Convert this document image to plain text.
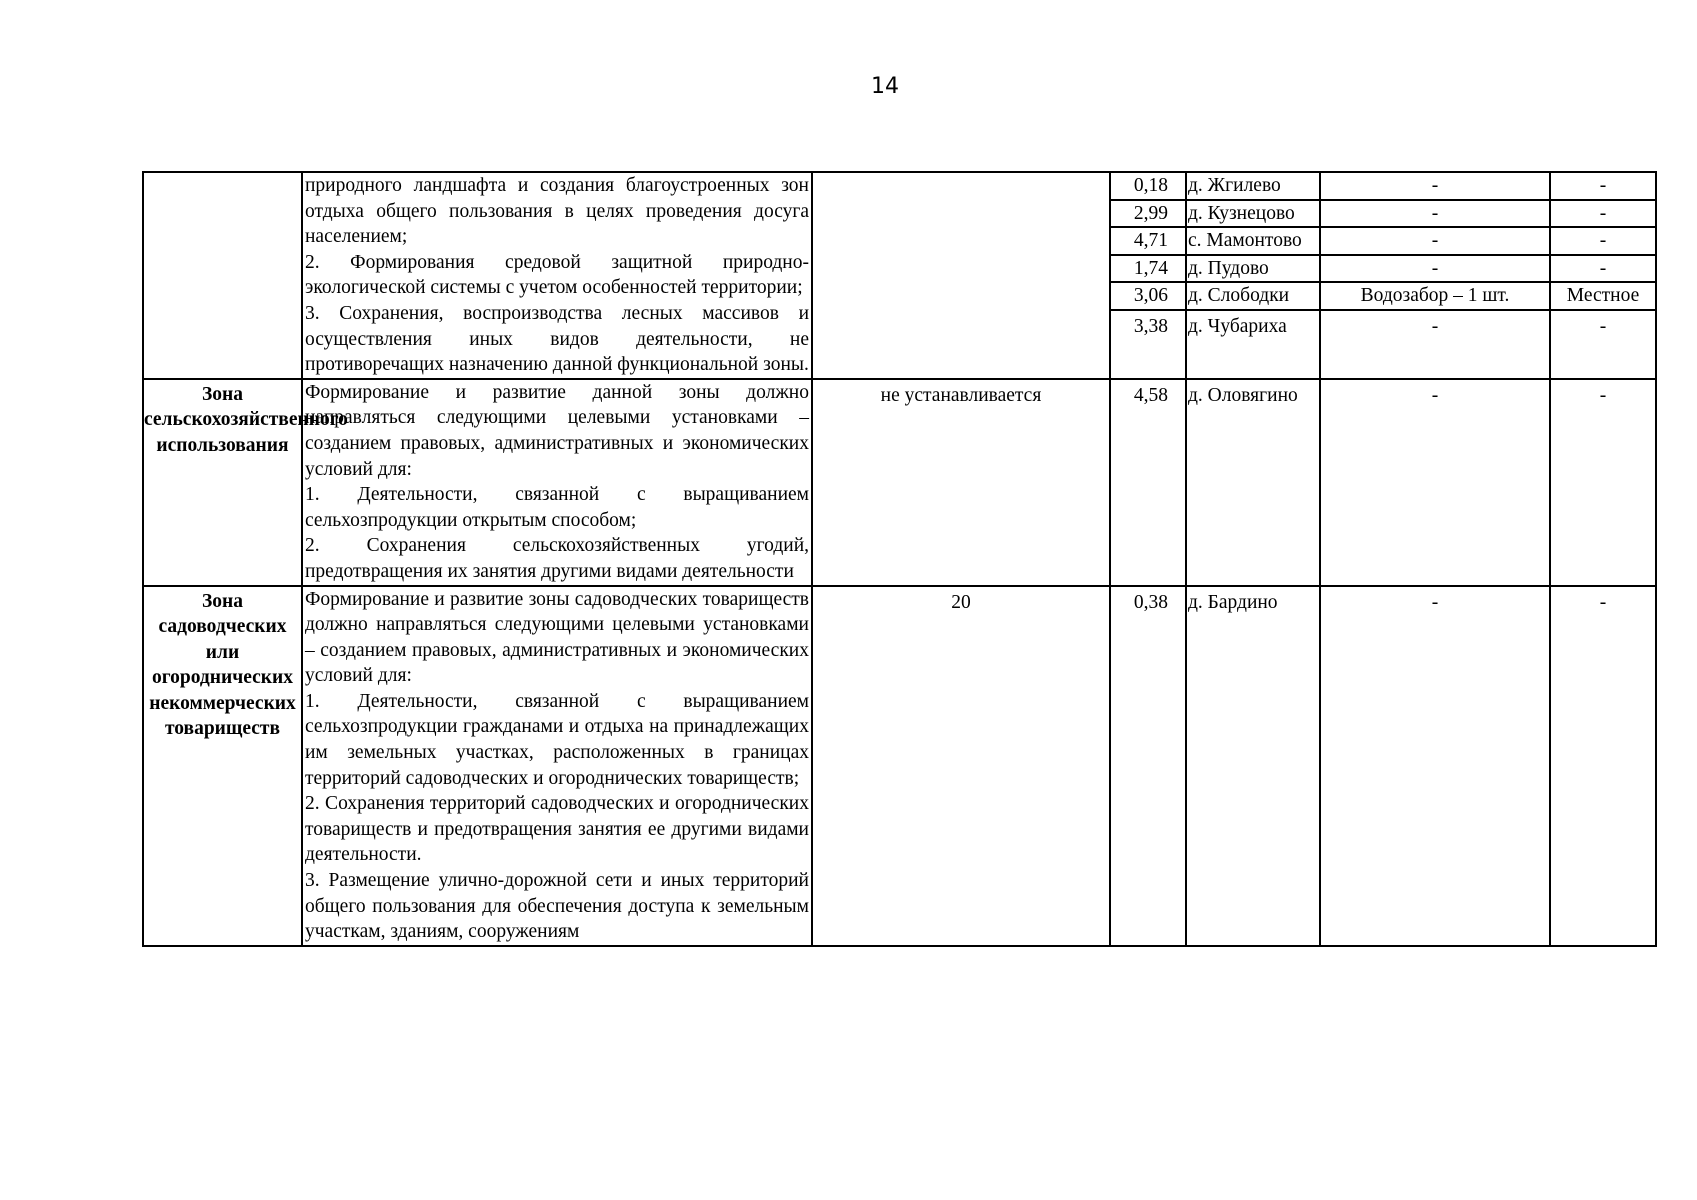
14

	природного ландшафта и создания благоустроенных зон отдыха общего пользования в целях проведения досуга населением;

2. Формирования средовой защитной природно-экологической системы с учетом особенностей территории;

3. Сохранения, воспроизводства лесных массивов и осуществления иных видов деятельности, не противоречащих назначению данной функциональной зоны.		0,18	д. Жгилево	-	-
			2,99	д. Кузнецово	-	-
			4,71	с. Мамонтово	-	-
			1,74	д. Пудово	-	-
			3,06	д. Слободки	Водозабор – 1 шт.	Местное
			3,38	д. Чубариха	-	-
Зона сельскохозяйственного использования	Формирование и развитие данной зоны должно направляться следующими целевыми установками – созданием правовых, административных и экономических условий для:

1. Деятельности, связанной с выращиванием сельхозпродукции открытым способом;

2. Сохранения сельскохозяйственных угодий, предотвращения их занятия другими видами деятельности	не устанавливается	4,58	д. Оловягино	-	-
Зона садоводческих или огороднических некоммерческих товариществ	Формирование и развитие зоны садоводческих товариществ должно направляться следующими целевыми установками – созданием правовых, административных и экономических условий для:

1. Деятельности, связанной с выращиванием сельхозпродукции гражданами и отдыха на принадлежащих им земельных участках, расположенных в границах территорий садоводческих и огороднических товариществ;

2. Сохранения территорий садоводческих и огороднических товариществ и предотвращения занятия ее другими видами деятельности.

3. Размещение улично-дорожной сети и иных территорий общего пользования для обеспечения доступа к земельным участкам, зданиям, сооружениям	20	0,38	д. Бардино	-	-
